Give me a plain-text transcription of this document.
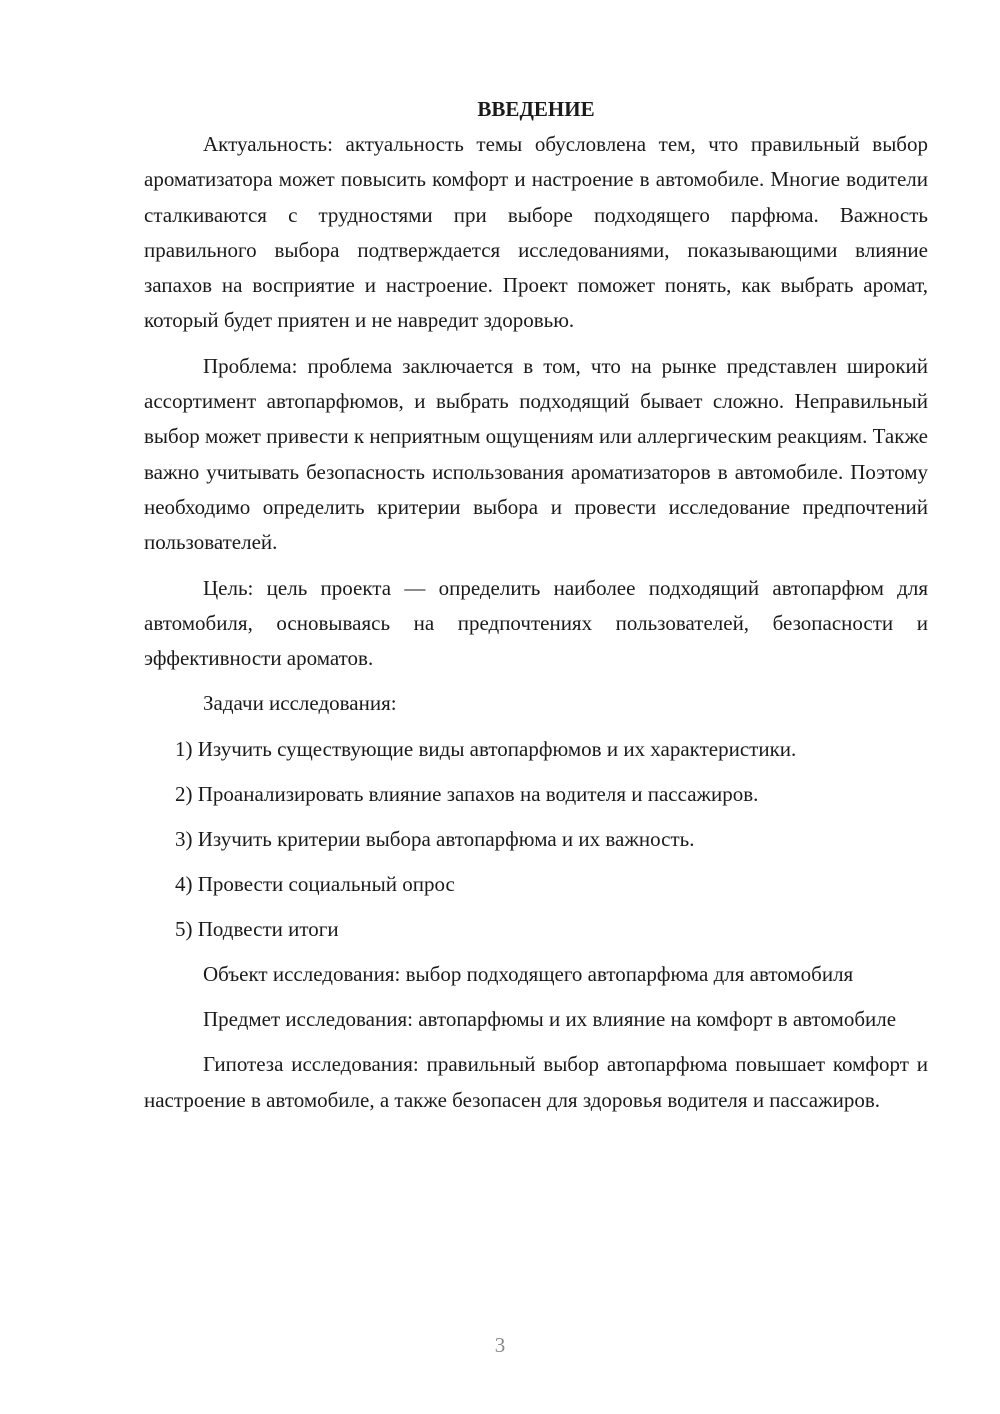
ВВЕДЕНИЕ

Актуальность: актуальность темы обусловлена тем, что правильный выбор ароматизатора может повысить комфорт и настроение в автомобиле. Многие водители сталкиваются с трудностями при выборе подходящего парфюма. Важность правильного выбора подтверждается исследованиями, показывающими влияние запахов на восприятие и настроение. Проект поможет понять, как выбрать аромат, который будет приятен и не навредит здоровью.

Проблема: проблема заключается в том, что на рынке представлен широкий ассортимент автопарфюмов, и выбрать подходящий бывает сложно. Неправильный выбор может привести к неприятным ощущениям или аллергическим реакциям. Также важно учитывать безопасность использования ароматизаторов в автомобиле. Поэтому необходимо определить критерии выбора и провести исследование предпочтений пользователей.

Цель: цель проекта — определить наиболее подходящий автопарфюм для автомобиля, основываясь на предпочтениях пользователей, безопасности и эффективности ароматов.

Задачи исследования:

1) Изучить существующие виды автопарфюмов и их характеристики.

2) Проанализировать влияние запахов на водителя и пассажиров.

3) Изучить критерии выбора автопарфюма и их важность.

4) Провести социальный опрос

5) Подвести итоги

Объект исследования: выбор подходящего автопарфюма для автомобиля

Предмет исследования: автопарфюмы и их влияние на комфорт в автомобиле

Гипотеза исследования: правильный выбор автопарфюма повышает комфорт и настроение в автомобиле, а также безопасен для здоровья водителя и пассажиров.

3
